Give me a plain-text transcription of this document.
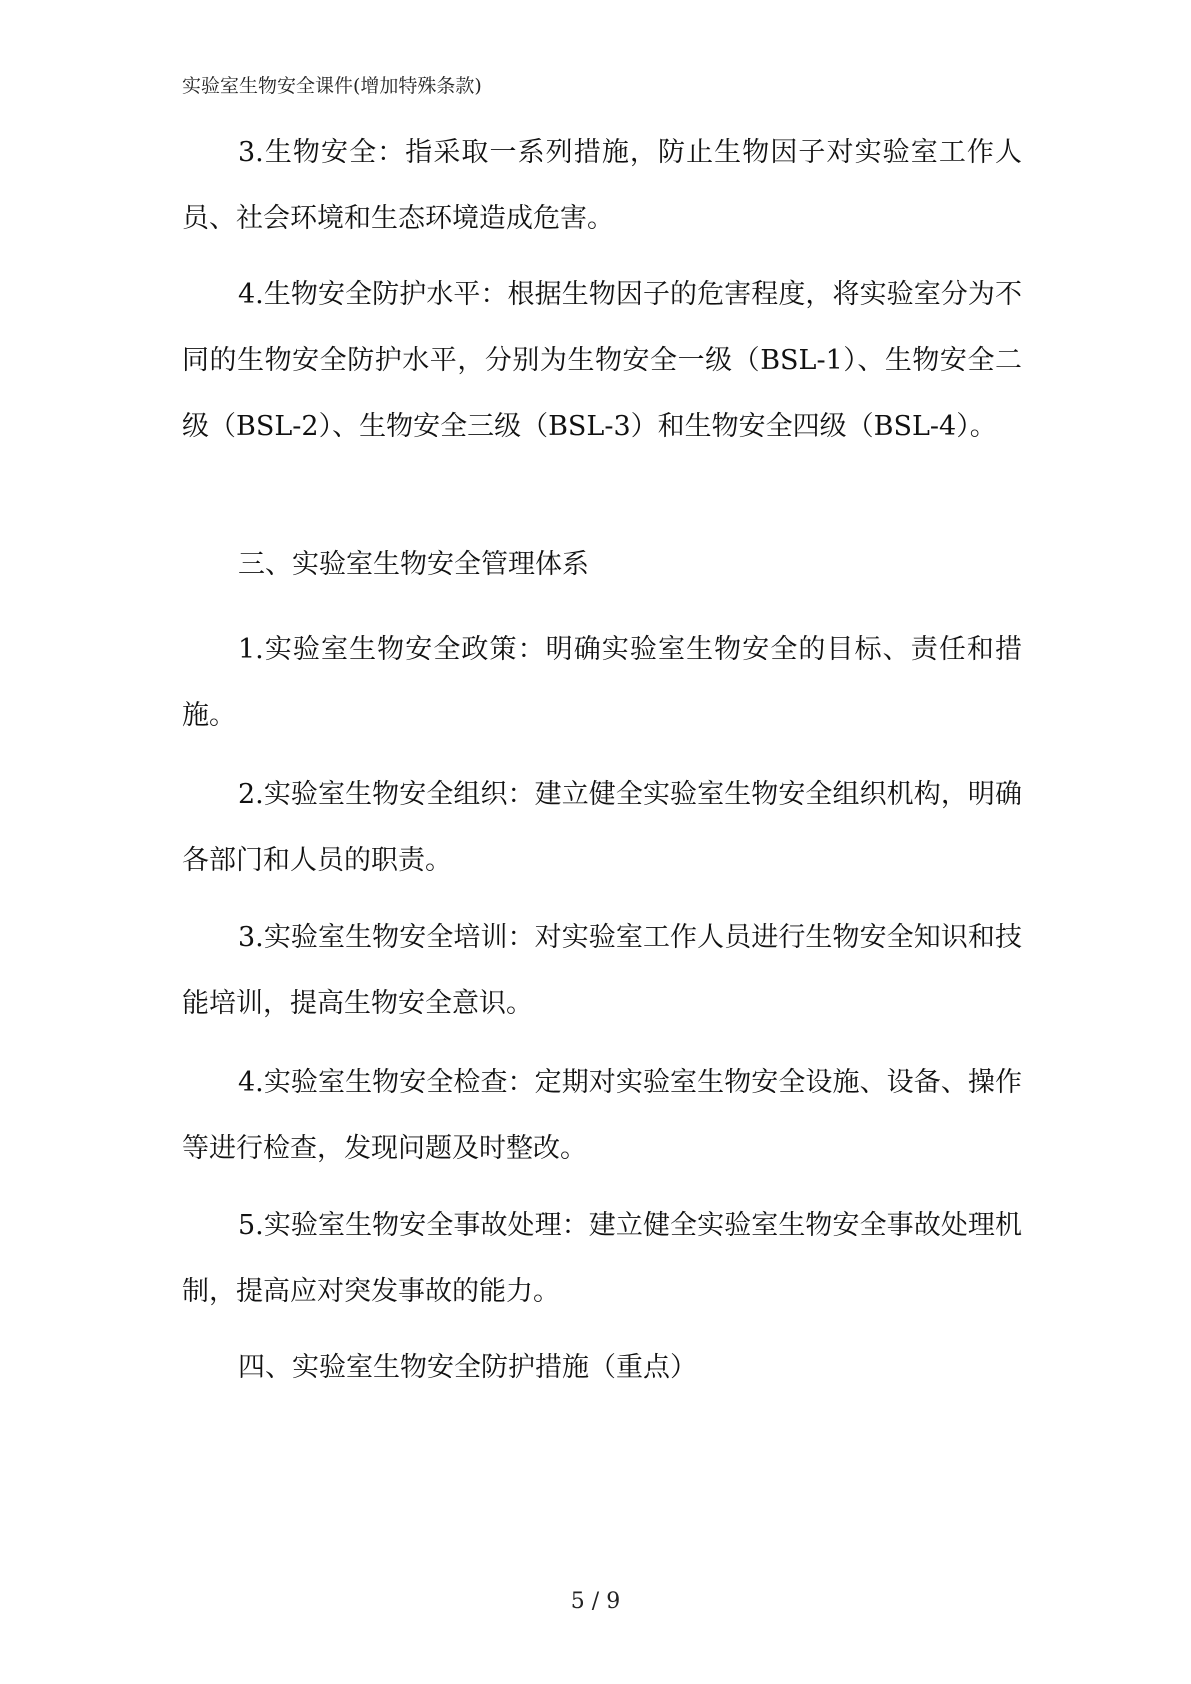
实验室生物安全课件(增加特殊条款)

3.生物安全：指采取一系列措施，防止生物因子对实验室工作人员、社会环境和生态环境造成危害。

4.生物安全防护水平：根据生物因子的危害程度，将实验室分为不同的生物安全防护水平，分别为生物安全一级（BSL-1）、生物安全二级（BSL-2）、生物安全三级（BSL-3）和生物安全四级（BSL-4）。

三、实验室生物安全管理体系

1.实验室生物安全政策：明确实验室生物安全的目标、责任和措施。

2.实验室生物安全组织：建立健全实验室生物安全组织机构，明确各部门和人员的职责。

3.实验室生物安全培训：对实验室工作人员进行生物安全知识和技能培训，提高生物安全意识。

4.实验室生物安全检查：定期对实验室生物安全设施、设备、操作等进行检查，发现问题及时整改。

5.实验室生物安全事故处理：建立健全实验室生物安全事故处理机制，提高应对突发事故的能力。

四、实验室生物安全防护措施（重点）

5 / 9
